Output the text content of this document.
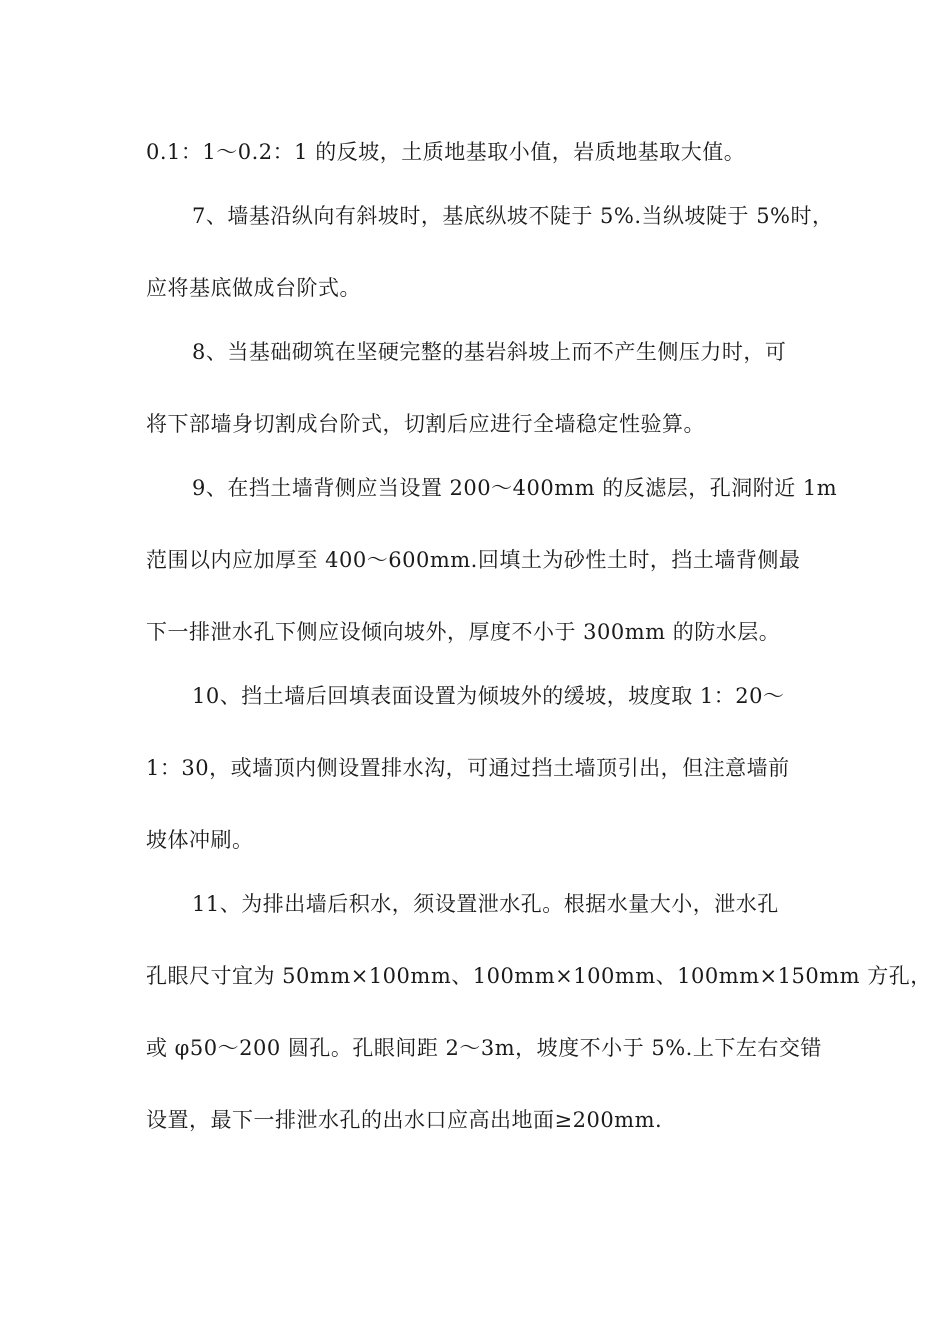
0.1：1～0.2：1 的反坡，土质地基取小值，岩质地基取大值。
7、墙基沿纵向有斜坡时，基底纵坡不陡于 5%.当纵坡陡于 5%时，
应将基底做成台阶式。
8、当基础砌筑在坚硬完整的基岩斜坡上而不产生侧压力时，可
将下部墙身切割成台阶式，切割后应进行全墙稳定性验算。
9、在挡土墙背侧应当设置 200～400mm 的反滤层，孔洞附近 1m
范围以内应加厚至 400～600mm.回填土为砂性土时，挡土墙背侧最
下一排泄水孔下侧应设倾向坡外，厚度不小于 300mm 的防水层。
10、挡土墙后回填表面设置为倾坡外的缓坡，坡度取 1：20～
1：30，或墙顶内侧设置排水沟，可通过挡土墙顶引出，但注意墙前
坡体冲刷。
11、为排出墙后积水，须设置泄水孔。根据水量大小，泄水孔
孔眼尺寸宜为 50mm×100mm、100mm×100mm、100mm×150mm 方孔，
或 φ50～200 圆孔。孔眼间距 2～3m，坡度不小于 5%.上下左右交错
设置，最下一排泄水孔的出水口应高出地面≥200mm.
